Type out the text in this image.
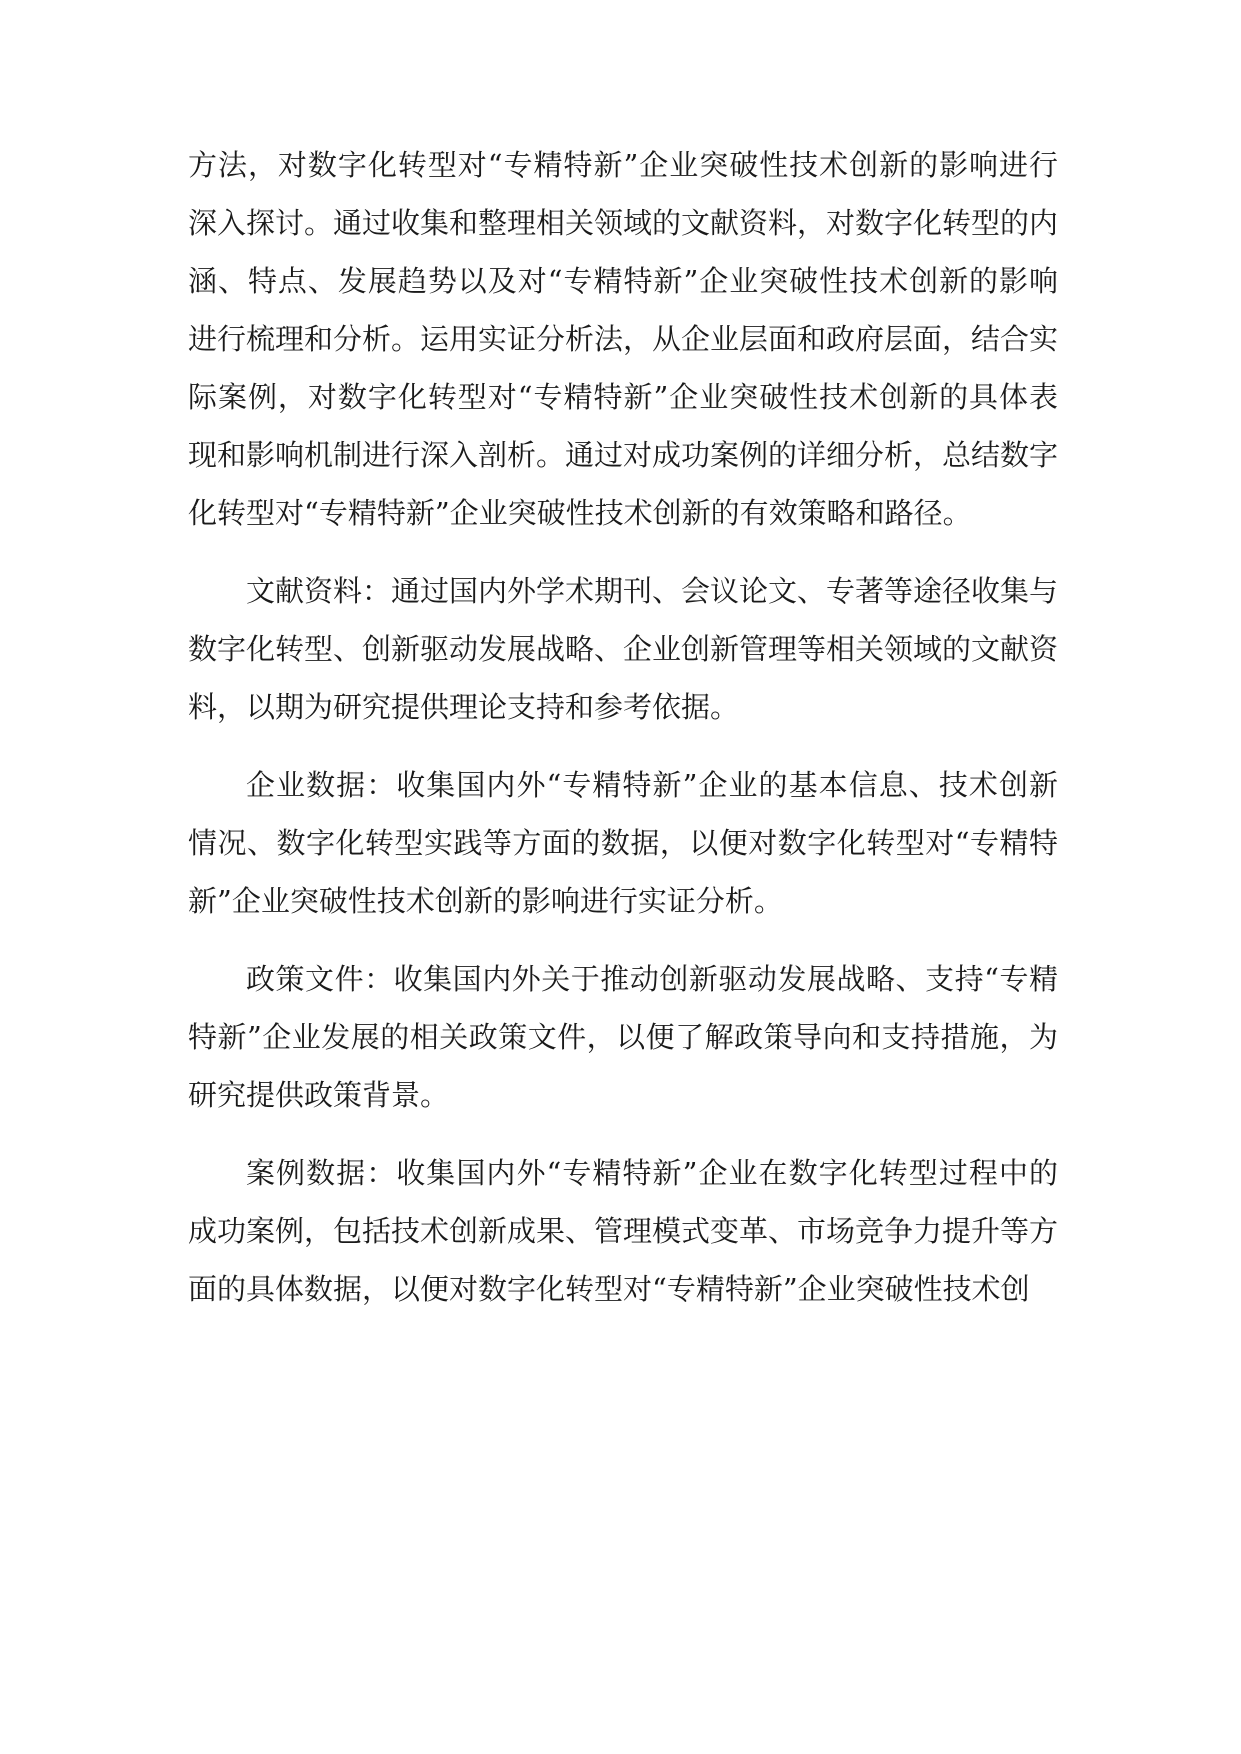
方法，对数字化转型对“专精特新”企业突破性技术创新的影响进行深入探讨。通过收集和整理相关领域的文献资料，对数字化转型的内涵、特点、发展趋势以及对“专精特新”企业突破性技术创新的影响进行梳理和分析。运用实证分析法，从企业层面和政府层面，结合实际案例，对数字化转型对“专精特新”企业突破性技术创新的具体表现和影响机制进行深入剖析。通过对成功案例的详细分析，总结数字化转型对“专精特新”企业突破性技术创新的有效策略和路径。

文献资料：通过国内外学术期刊、会议论文、专著等途径收集与数字化转型、创新驱动发展战略、企业创新管理等相关领域的文献资料，以期为研究提供理论支持和参考依据。

企业数据：收集国内外“专精特新”企业的基本信息、技术创新情况、数字化转型实践等方面的数据，以便对数字化转型对“专精特新”企业突破性技术创新的影响进行实证分析。

政策文件：收集国内外关于推动创新驱动发展战略、支持“专精特新”企业发展的相关政策文件，以便了解政策导向和支持措施，为研究提供政策背景。

案例数据：收集国内外“专精特新”企业在数字化转型过程中的成功案例，包括技术创新成果、管理模式变革、市场竞争力提升等方面的具体数据，以便对数字化转型对“专精特新”企业突破性技术创
